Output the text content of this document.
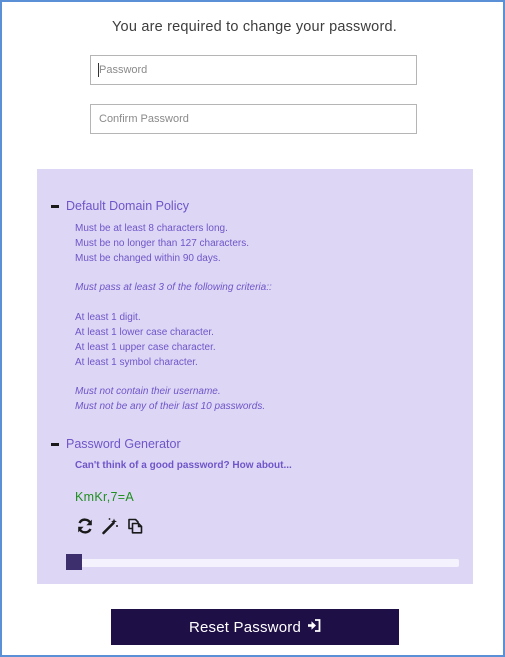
You are required to change your password.
Default Domain Policy
Must be at least 8 characters long.
Must be no longer than 127 characters.
Must be changed within 90 days.
Must pass at least 3 of the following criteria::
At least 1 digit.
At least 1 lower case character.
At least 1 upper case character.
At least 1 symbol character.
Must not contain their username.
Must not be any of their last 10 passwords.
Password Generator
Can't think of a good password? How about...
KmKr,7=A
Reset Password
